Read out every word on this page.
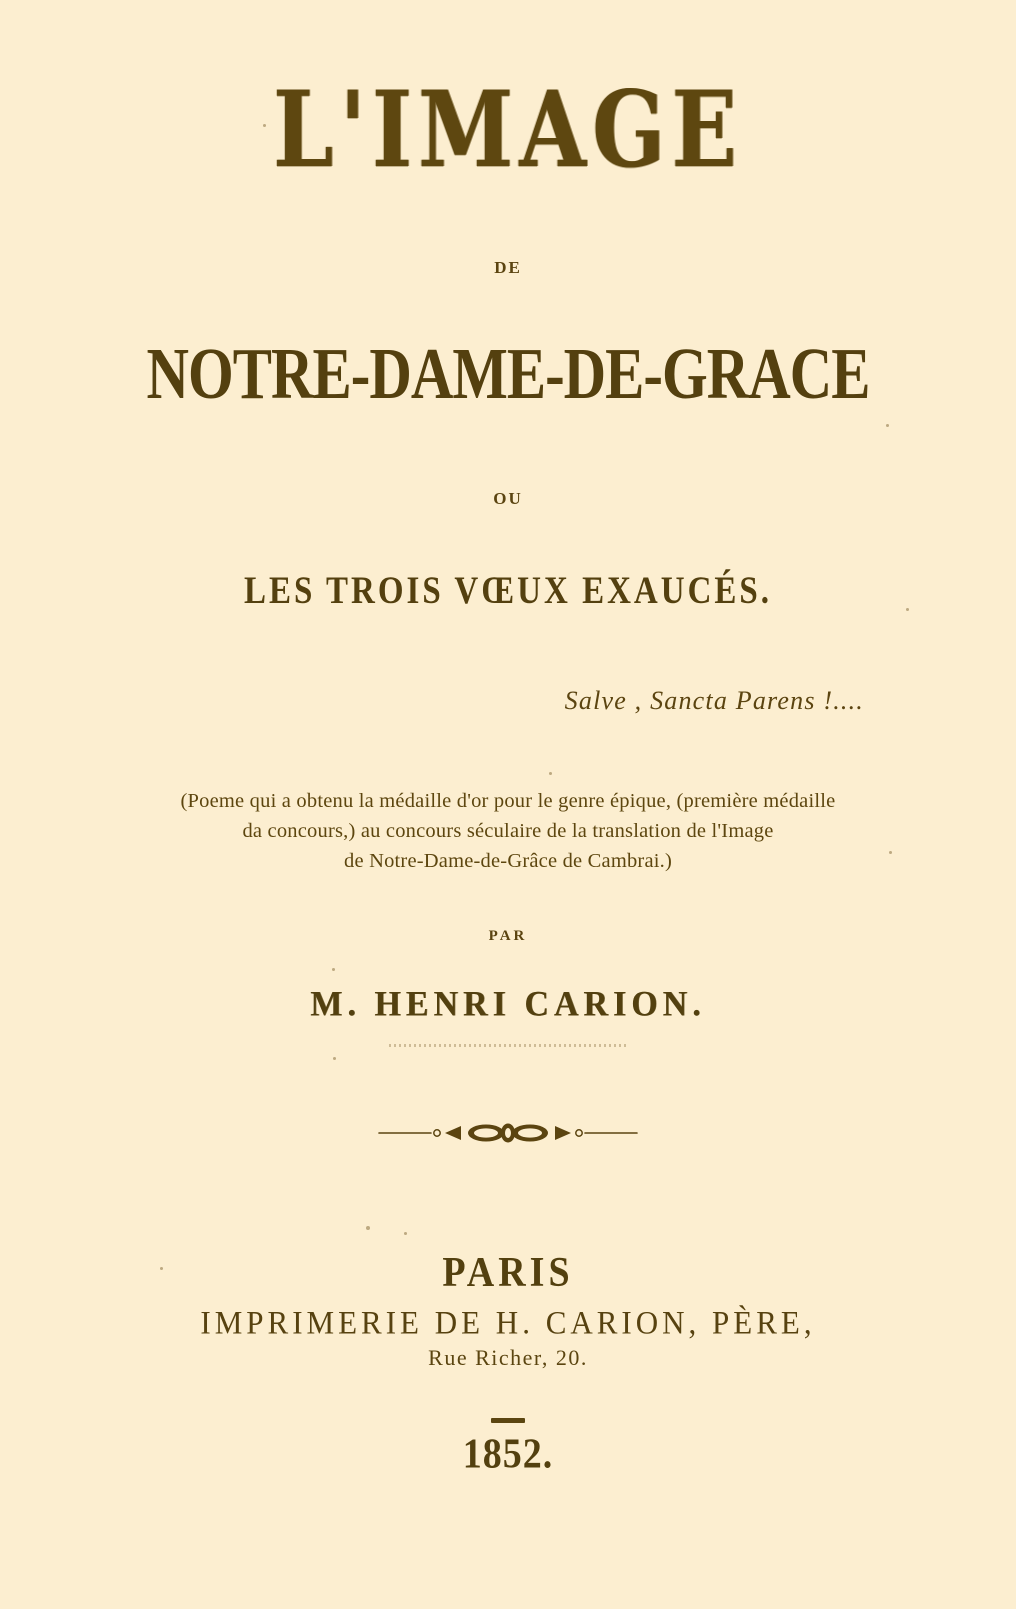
L'IMAGE
DE
NOTRE-DAME-DE-GRACE
OU
LES TROIS VŒUX EXAUCÉS.
Salve , Sancta Parens !....
(Poeme qui a obtenu la médaille d'or pour le genre épique, (première médaille
da concours,) au concours séculaire de la translation de l'Image
de Notre-Dame-de-Grâce de Cambrai.)
PAR
M. HENRI CARION.
PARIS
IMPRIMERIE DE H. CARION, PÈRE,
Rue Richer, 20.
1852.
